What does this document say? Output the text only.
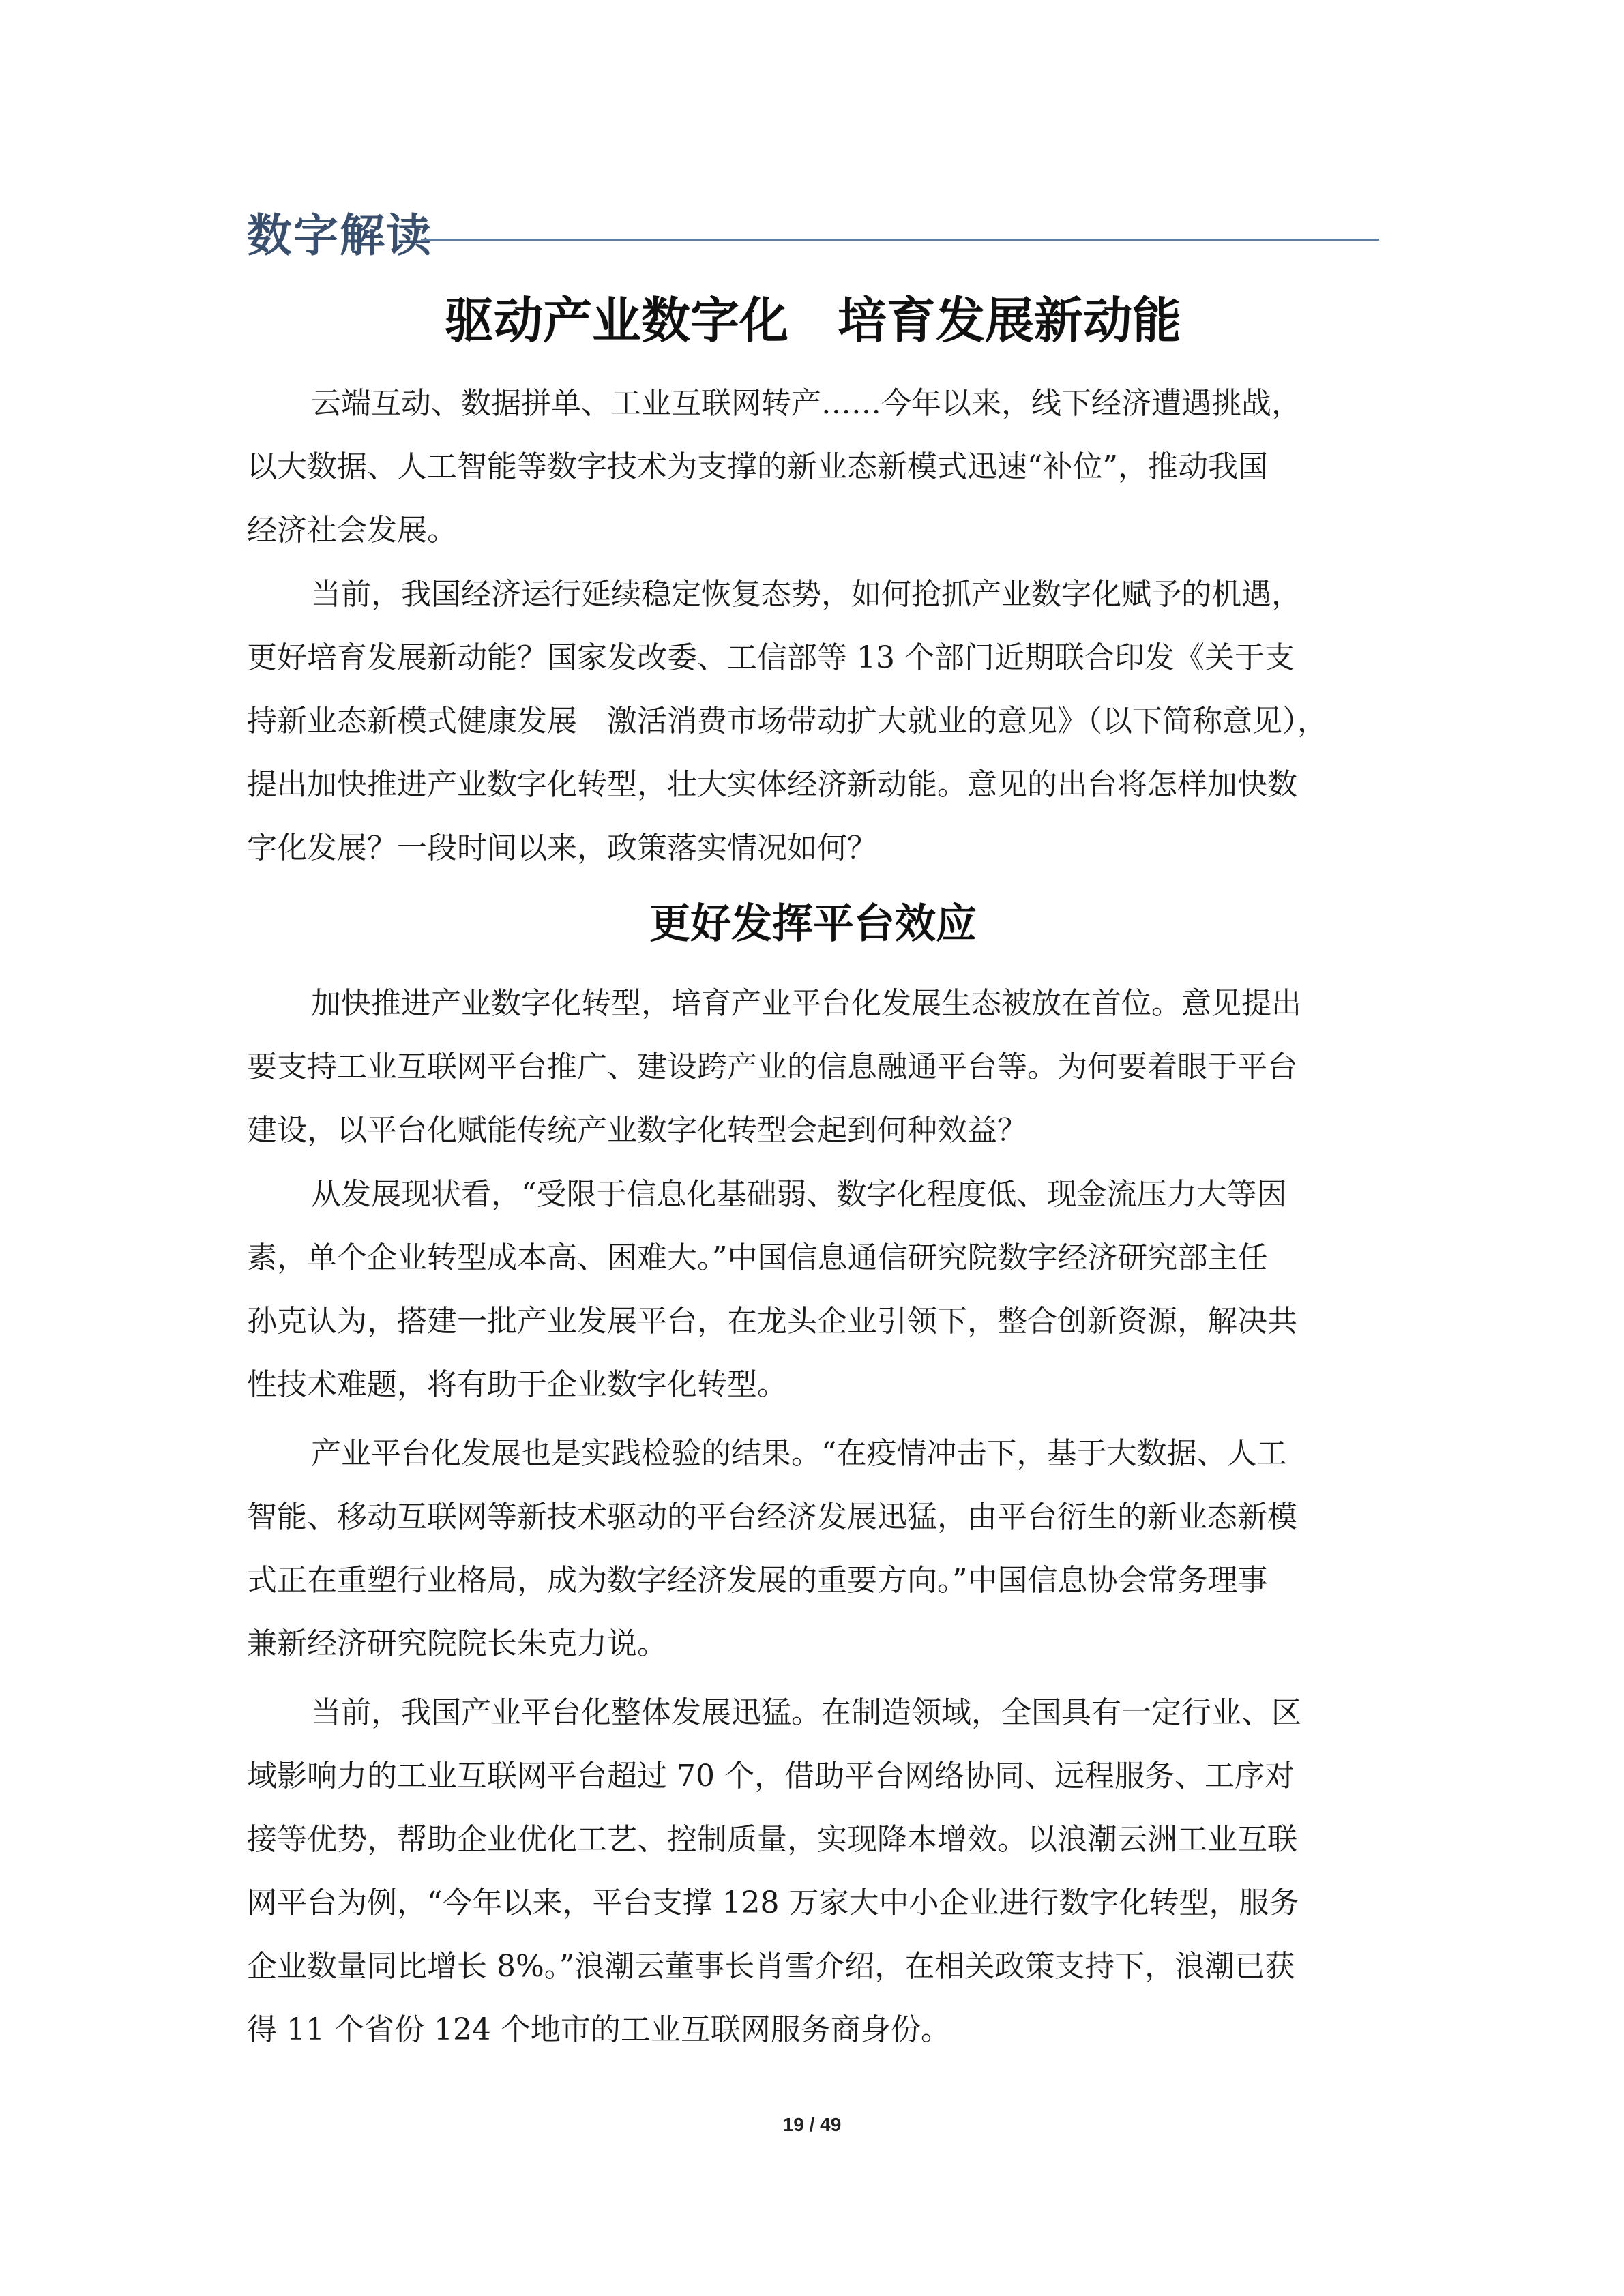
数字解读
驱动产业数字化　培育发展新动能

云端互动、数据拼单、工业互联网转产……今年以来，线下经济遭遇挑战，
以大数据、人工智能等数字技术为支撑的新业态新模式迅速“补位”，推动我国
经济社会发展。

当前，我国经济运行延续稳定恢复态势，如何抢抓产业数字化赋予的机遇，
更好培育发展新动能？国家发改委、工信部等 13 个部门近期联合印发《关于支
持新业态新模式健康发展　激活消费市场带动扩大就业的意见》（以下简称意见），
提出加快推进产业数字化转型，壮大实体经济新动能。意见的出台将怎样加快数
字化发展？一段时间以来，政策落实情况如何？

更好发挥平台效应

加快推进产业数字化转型，培育产业平台化发展生态被放在首位。意见提出
要支持工业互联网平台推广、建设跨产业的信息融通平台等。为何要着眼于平台
建设，以平台化赋能传统产业数字化转型会起到何种效益？

从发展现状看，“受限于信息化基础弱、数字化程度低、现金流压力大等因
素，单个企业转型成本高、困难大。”中国信息通信研究院数字经济研究部主任
孙克认为，搭建一批产业发展平台，在龙头企业引领下，整合创新资源，解决共
性技术难题，将有助于企业数字化转型。

产业平台化发展也是实践检验的结果。“在疫情冲击下，基于大数据、人工
智能、移动互联网等新技术驱动的平台经济发展迅猛，由平台衍生的新业态新模
式正在重塑行业格局，成为数字经济发展的重要方向。”中国信息协会常务理事
兼新经济研究院院长朱克力说。

当前，我国产业平台化整体发展迅猛。在制造领域，全国具有一定行业、区
域影响力的工业互联网平台超过 70 个，借助平台网络协同、远程服务、工序对
接等优势，帮助企业优化工艺、控制质量，实现降本增效。以浪潮云洲工业互联
网平台为例，“今年以来，平台支撑 128 万家大中小企业进行数字化转型，服务
企业数量同比增长 8%。”浪潮云董事长肖雪介绍，在相关政策支持下，浪潮已获
得 11 个省份 124 个地市的工业互联网服务商身份。

19 / 49
